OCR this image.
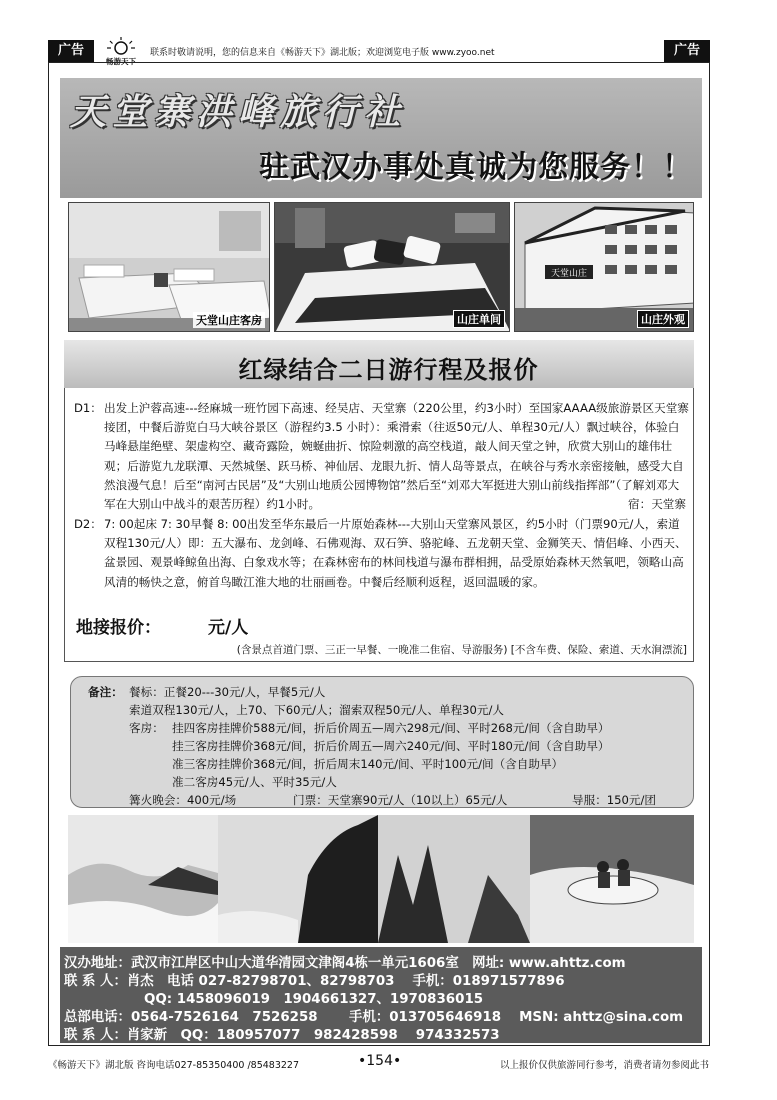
广告	广告
畅游天下
联系时敬请说明，您的信息来自《畅游天下》湖北版；欢迎浏览电子版 www.zyoo.net
天堂寨洪峰旅行社
驻武汉办事处真诚为您服务！！
天堂山庄客房	山庄单间
天堂山庄
山庄外观
红绿结合二日游行程及报价
D1： 出发上沪蓉高速---经麻城一班竹园下高速、经吴店、天堂寨（220公里，约3小时）至国家AAAA级旅游景区天堂寨接团，中餐后游览白马大峡谷景区（游程约3.5 小时）：乘滑索（往返50元/人、单程30元/人）飘过峡谷，体验白马峰悬崖绝壁、架虚构空、藏奇露险，婉蜒曲折、惊险刺激的高空栈道，敲人间天堂之钟，欣赏大别山的雄伟壮观；后游览九龙联潭、天然城堡、跃马桥、神仙居、龙眼九折、情人岛等景点，在峡谷与秀水亲密接触，感受大自然浪漫气息！后至“南河古民居”及“大别山地质公园博物馆”然后至“刘邓大军挺进大别山前线指挥部”（了解刘邓大军在大别山中战斗的艰苦历程）约1小时。	宿：天堂寨
D2： 7: 00起床 7: 30早餐 8: 00出发至华东最后一片原始森林---大别山天堂寨风景区，约5小时（门票90元/人，索道双程130元/人）即：五大瀑布、龙剑峰、石佛观海、双石笋、骆驼峰、五龙朝天堂、金狮笑天、情侣峰、小西天、盆景园、观景峰鲸鱼出海、白象戏水等；在森林密布的林间栈道与瀑布群相拥，品受原始森林天然氧吧，领略山高风清的畅快之意，俯首鸟瞰江淮大地的壮丽画卷。中餐后经顺利返程，返回温暖的家。

地接报价：	元/人
(含景点首道门票、三正一早餐、一晚准二隹宿、导游服务) [不含车费、保险、索道、天水涧漂流]
备注： 餐标：正餐20---30元/人，早餐5元/人
索道双程130元/人，上70、下60元/人；溜索双程50元/人、单程30元/人
客房： 挂四客房挂牌价588元/间，折后价周五—周六298元/间、平时268元/间（含自助早）
挂三客房挂牌价368元/间，折后价周五—周六240元/间、平时180元/间（含自助早）
准三客房挂牌价368元/间，折后周末140元/间、平时100元/间（含自助早）
准二客房45元/人、平时35元/人
篝火晚会：400元/场	门票：天堂寨90元/人（10以上）65元/人	导服：150元/团
汉办地址：武汉市江岸区中山大道华清园文津阁4栋一单元1606室　网址: www.ahttz.com
联 系 人：肖杰　电话 027-82798701、82798703　 手机：018971577896
QQ: 1458096019　1904661327、1970836015
总部电话：0564-7526164　7526258　　 手机：013705646918　 MSN: ahttz@sina.com
联 系 人：肖家新　QQ：180957077　982428598　 974332573
《畅游天下》湖北版 咨询电话027-85350400 /85483227	•154•	以上报价仅供旅游同行参考，消费者请勿参阅此书
